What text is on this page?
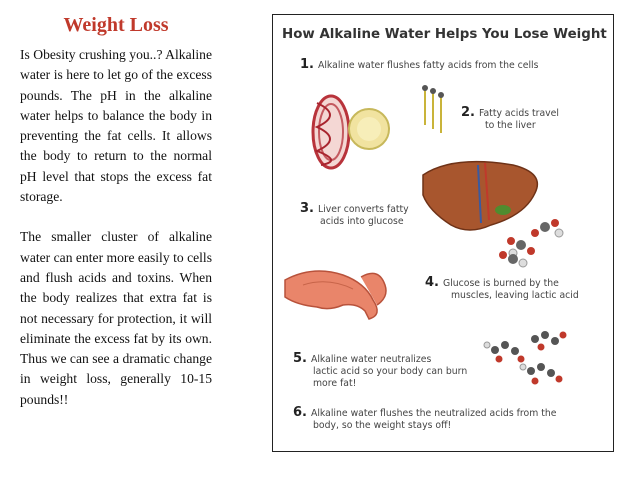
Weight Loss

Is Obesity crushing you..? Alkaline water is here to let go of the excess pounds. The pH in the alkaline water helps to balance the body in preventing the fat cells. It allows the body to return to the normal pH level that stops the excess fat storage.

The smaller cluster of alkaline water can enter more easily to cells and flush acids and toxins. When the body realizes that extra fat is not necessary for protection, it will eliminate the excess fat by its own. Thus we can see a dramatic change in weight loss, generally 10-15 pounds!!

How Alkaline Water Helps You Lose Weight
1. Alkaline water flushes fatty acids from the cells
2. Fatty acids travel
to the liver
3. Liver converts fatty
acids into glucose
4. Glucose is burned by the
muscles, leaving lactic acid
5. Alkaline water neutralizes
lactic acid so your body can burn
more fat!
6. Alkaline water flushes the neutralized acids from the
body, so the weight stays off!
